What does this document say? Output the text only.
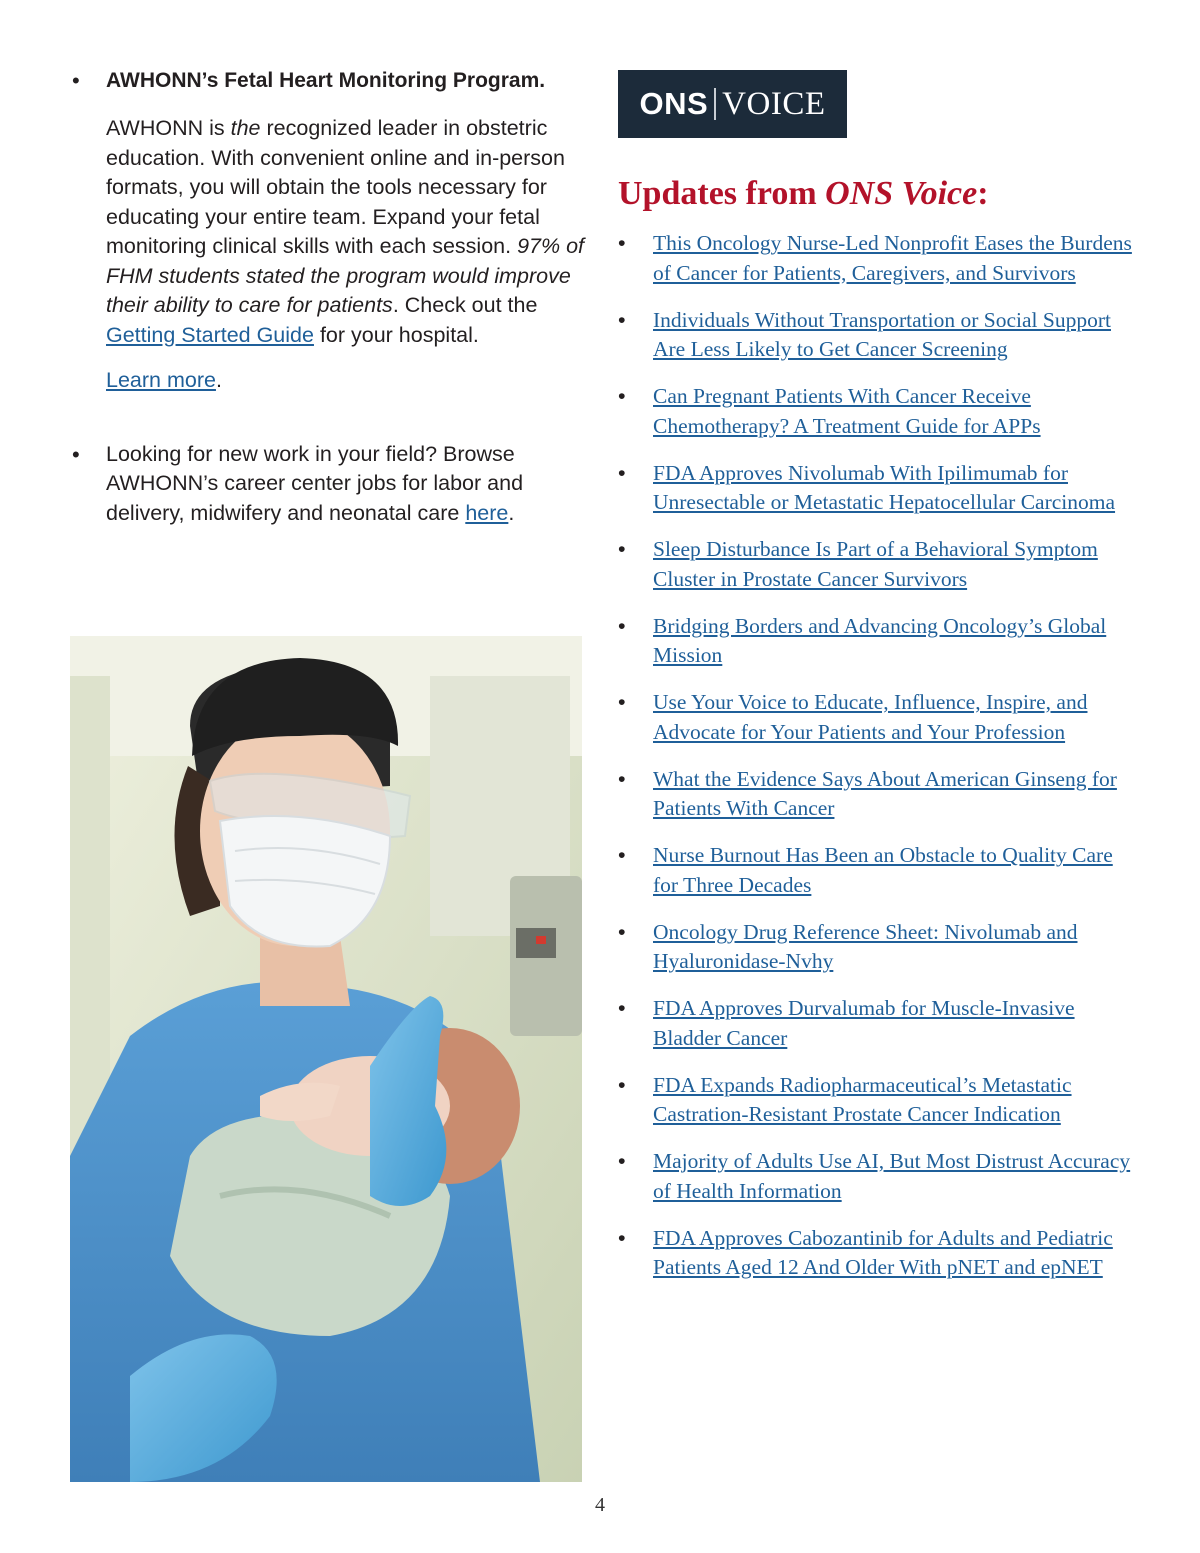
• AWHONN’s Fetal Heart Monitoring Program.

AWHONN is the recognized leader in obstetric education. With convenient online and in-person formats, you will obtain the tools necessary for educating your entire team. Expand your fetal monitoring clinical skills with each session. 97% of FHM students stated the program would improve their ability to care for patients. Check out the Getting Started Guide for your hospital.

Learn more.

• Looking for new work in your field? Browse AWHONN’s career center jobs for labor and delivery, midwifery and neonatal care here.

ONS VOICE
Updates from ONS Voice:
• This Oncology Nurse-Led Nonprofit Eases the Burdens of Cancer for Patients, Caregivers, and Survivors
• Individuals Without Transportation or Social Support Are Less Likely to Get Cancer Screening
• Can Pregnant Patients With Cancer Receive Chemotherapy? A Treatment Guide for APPs
• FDA Approves Nivolumab With Ipilimumab for Unresectable or Metastatic Hepatocellular Carcinoma
• Sleep Disturbance Is Part of a Behavioral Symptom Cluster in Prostate Cancer Survivors
• Bridging Borders and Advancing Oncology’s Global Mission
• Use Your Voice to Educate, Influence, Inspire, and Advocate for Your Patients and Your Profession
• What the Evidence Says About American Ginseng for Patients With Cancer
• Nurse Burnout Has Been an Obstacle to Quality Care for Three Decades
• Oncology Drug Reference Sheet: Nivolumab and Hyaluronidase-Nvhy
• FDA Approves Durvalumab for Muscle-Invasive Bladder Cancer
• FDA Expands Radiopharmaceutical’s Metastatic Castration-Resistant Prostate Cancer Indication
• Majority of Adults Use AI, But Most Distrust Accuracy of Health Information
• FDA Approves Cabozantinib for Adults and Pediatric Patients Aged 12 And Older With pNET and epNET
4
